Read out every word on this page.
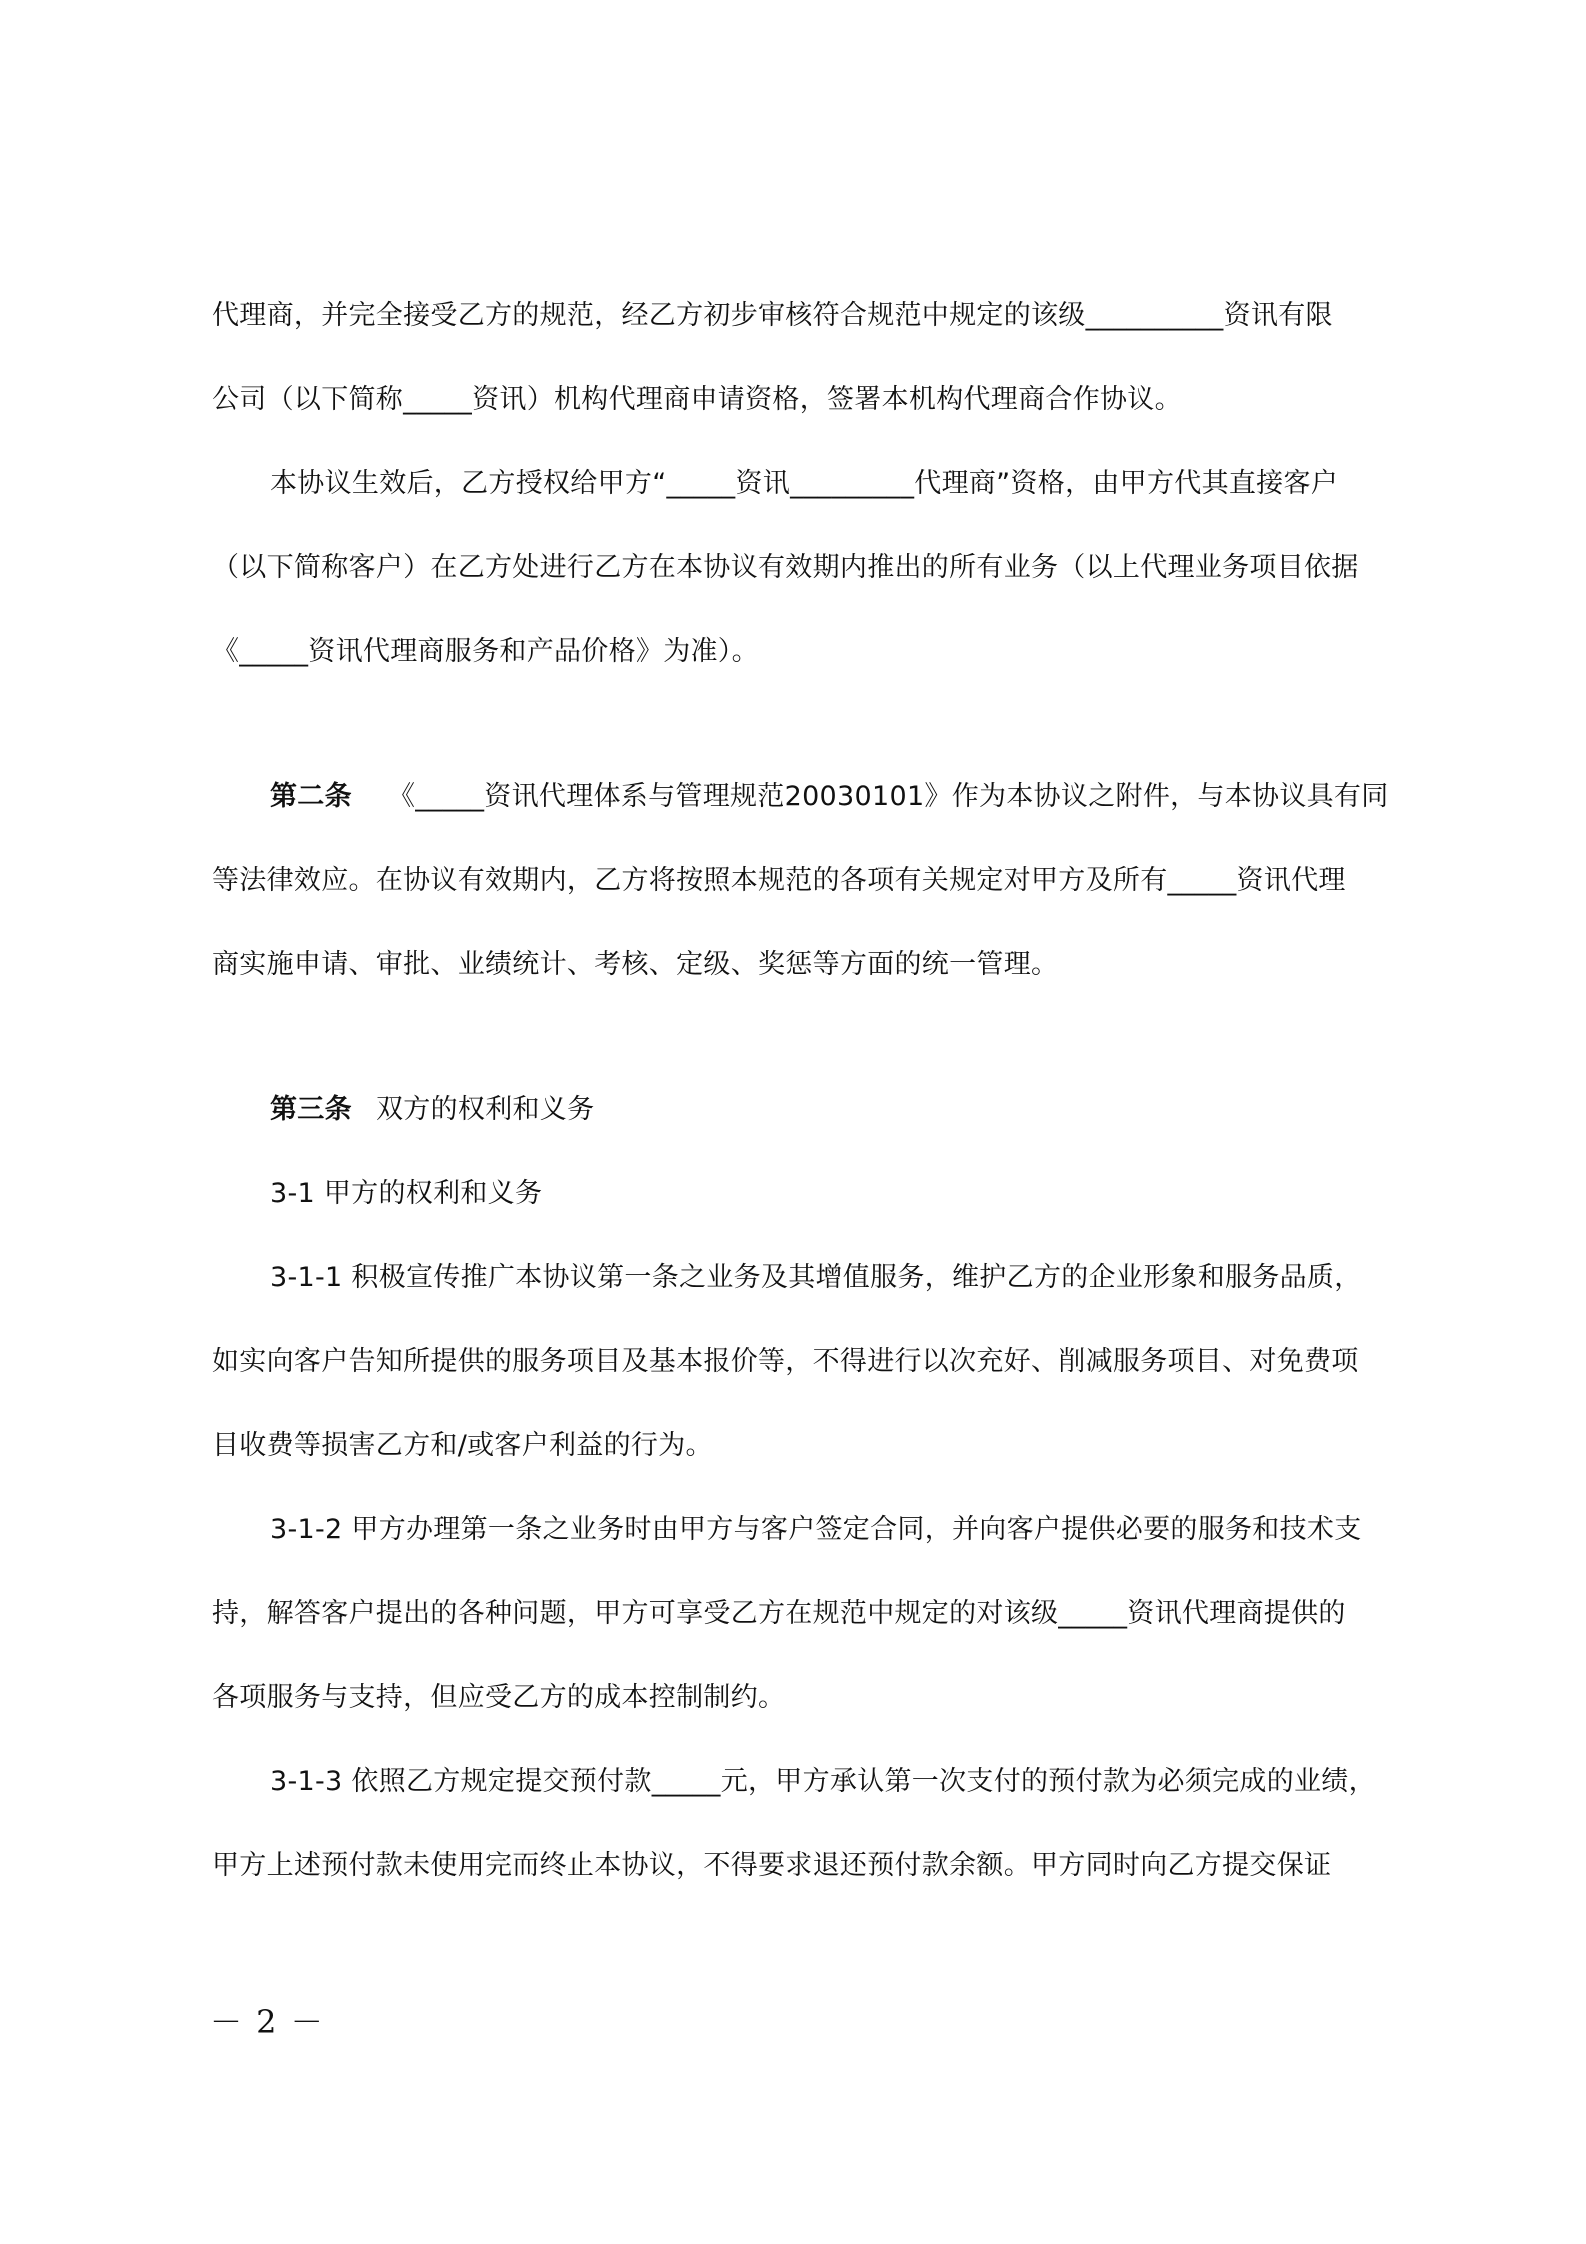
代理商，并完全接受乙方的规范，经乙方初步审核符合规范中规定的该级__________资讯有限
公司（以下简称_____资讯）机构代理商申请资格，签署本机构代理商合作协议。
本协议生效后，乙方授权给甲方“_____资讯_________代理商”资格，由甲方代其直接客户
（以下简称客户）在乙方处进行乙方在本协议有效期内推出的所有业务（以上代理业务项目依据
《_____资讯代理商服务和产品价格》为准）。
第二条	《_____资讯代理体系与管理规范20030101》作为本协议之附件，与本协议具有同
等法律效应。在协议有效期内，乙方将按照本规范的各项有关规定对甲方及所有_____资讯代理
商实施申请、审批、业绩统计、考核、定级、奖惩等方面的统一管理。
第三条 双方的权利和义务
3-1 甲方的权利和义务
3-1-1 积极宣传推广本协议第一条之业务及其增值服务，维护乙方的企业形象和服务品质，
如实向客户告知所提供的服务项目及基本报价等，不得进行以次充好、削减服务项目、对免费项
目收费等损害乙方和/或客户利益的行为。
3-1-2 甲方办理第一条之业务时由甲方与客户签定合同，并向客户提供必要的服务和技术支
持，解答客户提出的各种问题，甲方可享受乙方在规范中规定的对该级_____资讯代理商提供的
各项服务与支持，但应受乙方的成本控制制约。
3-1-3 依照乙方规定提交预付款_____元，甲方承认第一次支付的预付款为必须完成的业绩，
甲方上述预付款未使用完而终止本协议，不得要求退还预付款余额。甲方同时向乙方提交保证
－ 2 －
